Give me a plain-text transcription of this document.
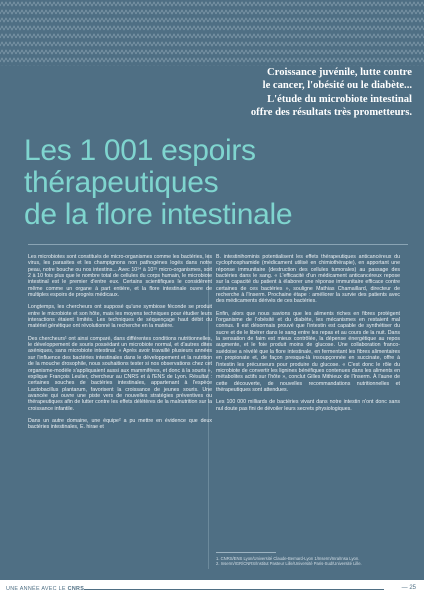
Croissance juvénile, lutte contre
le cancer, l'obésité ou le diabète...
L'étude du microbiote intestinal
offre des résultats très prometteurs.
Les 1 001 espoirs
thérapeutiques
de la flore intestinale

Les microbiotes sont constitués de micro-organismes comme les bactéries, les virus, les parasites et les champignons non pathogènes logés dans notre peau, notre bouche ou nos intestins... Avec 10¹⁴ à 10¹⁵ micro-organismes, soit 2 à 10 fois plus que le nombre total de cellules du corps humain, le microbiote intestinal est le premier d'entre eux. Certains scientifiques le considèrent même comme un organe à part entière, et la flore intestinale ouvre de multiples espoirs de progrès médicaux.

Longtemps, les chercheurs ont supposé qu'une symbiose féconde se produit entre le microbiote et son hôte, mais les moyens techniques pour étudier leurs interactions étaient limités. Les techniques de séquençage haut débit du matériel génétique ont révolutionné la recherche en la matière.

Des chercheurs¹ ont ainsi comparé, dans différentes conditions nutritionnelles, le développement de souris possédant un microbiote normal, et d'autres dites axéniques, sans microbiote intestinal. « Après avoir travaillé plusieurs années sur l'influence des bactéries intestinales dans le développement et la nutrition de la mouche drosophile, nous souhaitions tester si nos observations chez cet organisme-modèle s'appliquaient aussi aux mammifères, et donc à la souris », explique François Leulier, chercheur au CNRS et à l'ENS de Lyon. Résultat : certaines souches de bactéries intestinales, appartenant à l'espèce Lactobacillus plantarum, favorisent la croissance de jeunes souris. Une avancée qui ouvre une piste vers de nouvelles stratégies préventives ou thérapeutiques afin de lutter contre les effets délétères de la malnutrition sur la croissance infantile.

Dans un autre domaine, une équipe² a pu mettre en évidence que deux bactéries intestinales, E. hirae et

B. intestinihominis potentialisent les effets thérapeutiques anticancéreux du cyclophosphamide (médicament utilisé en chimiothérapie), en apportant une réponse immunitaire (destruction des cellules tumorales) au passage des bactéries dans le sang. « L'efficacité d'un médicament anticancéreux repose sur la capacité du patient à élaborer une réponse immunitaire efficace contre certaines de ces bactéries », souligne Mathias Chamaillard, directeur de recherche à l'Inserm. Prochaine étape : améliorer la survie des patients avec des médicaments dérivés de ces bactéries.

Enfin, alors que nous savions que les aliments riches en fibres protègent l'organisme de l'obésité et du diabète, les mécanismes en restaient mal connus. Il est désormais prouvé que l'intestin est capable de synthétiser du sucre et de le libérer dans le sang entre les repas et au cours de la nuit. Dans la sensation de faim est mieux contrôlée, la dépense énergétique au repos augmente, et le foie produit moins de glucose. Une collaboration franco-suédoise a révélé que la flore intestinale, en fermentant les fibres alimentaires en propionate et, de façon presque-là insoupçonnée en succinate, offre à l'intestin les précurseurs pour produire du glucose. « C'est donc le rôle du microbiote de convertir les lignines bénéfiques contenues dans les aliments en métabolites actifs sur l'hôte », conclut Gilles Mithieux de l'Inserm. À l'aune de cette découverte, de nouvelles recommandations nutritionnelles et thérapeutiques sont attendues.

Les 100 000 milliards de bactéries vivant dans notre intestin n'ont donc sans nul doute pas fini de dévoiler leurs secrets physiologiques.

1. CNRS/ENS Lyon/Université Claude-Bernard-Lyon 1/Inserm/Inra/Insa Lyon.
2. Inserm/IGR/CNRS/Institut Pasteur Lille/Université Paris-Sud/Université Lille.
UNE ANNÉE AVEC LE CNRS	— 25
